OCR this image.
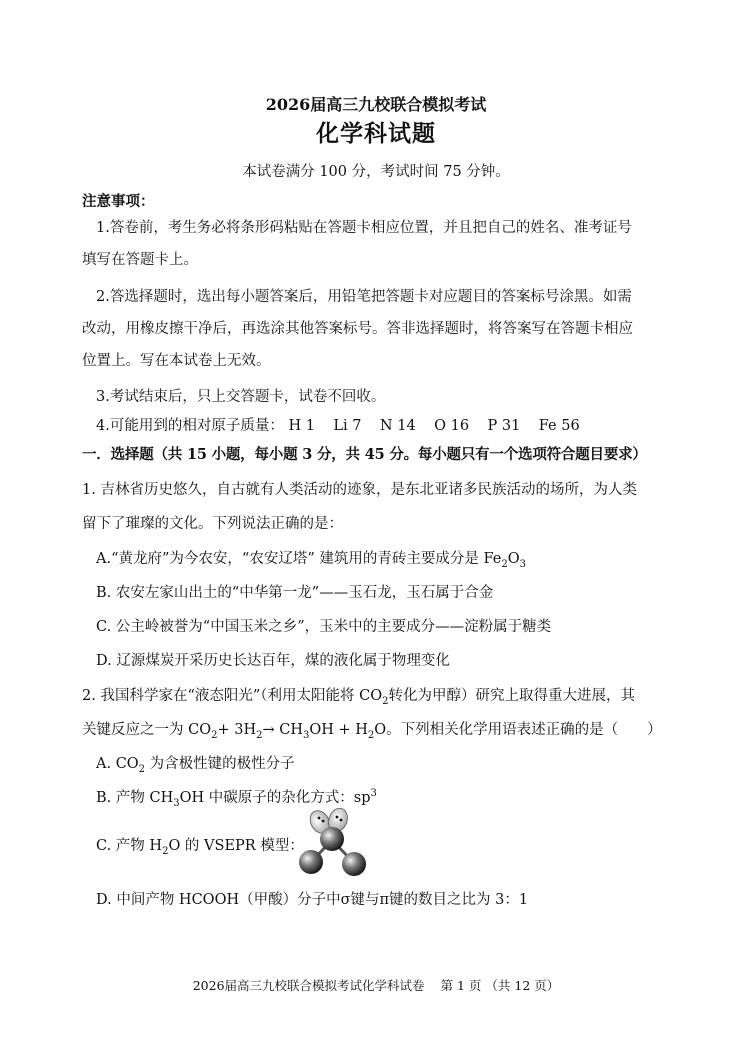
2026届高三九校联合模拟考试
化学科试题
本试卷满分 100 分，考试时间 75 分钟。
注意事项：
1.答卷前，考生务必将条形码粘贴在答题卡相应位置，并且把自己的姓名、准考证号
填写在答题卡上。
2.答选择题时，选出每小题答案后，用铅笔把答题卡对应题目的答案标号涂黑。如需
改动，用橡皮擦干净后，再选涂其他答案标号。答非选择题时，将答案写在答题卡相应
位置上。写在本试卷上无效。
3.考试结束后，只上交答题卡，试卷不回收。
4.可能用到的相对原子质量： H 1 Li 7 N 14 O 16 P 31 Fe 56
一．选择题（共 15 小题，每小题 3 分，共 45 分。每小题只有一个选项符合题目要求）
1. 吉林省历史悠久，自古就有人类活动的迹象，是东北亚诸多民族活动的场所，为人类
留下了璀璨的文化。下列说法正确的是：
A.“黄龙府”为今农安，“农安辽塔” 建筑用的青砖主要成分是 $Fe_2O_3$
B. 农安左家山出土的“中华第一龙”——玉石龙，玉石属于合金
C. 公主岭被誉为“中国玉米之乡”，玉米中的主要成分——淀粉属于糖类
D. 辽源煤炭开采历史长达百年，煤的液化属于物理变化
2. 我国科学家在“液态阳光”（利用太阳能将 $CO_2$转化为甲醇）研究上取得重大进展，其
关键反应之一为 $CO_2+ 3H_2\to CH_3OH + H_2O$。下列相关化学用语表述正确的是（　　）
A. $CO_2$ 为含极性键的极性分子
B. 产物 $CH_3OH$ 中碳原子的杂化方式：$sp^3$
C. 产物 $H_2O$ 的 VSEPR 模型：
D. 中间产物 HCOOH（甲酸）分子中σ键与π键的数目之比为 3：1
2026届高三九校联合模拟考试化学科试卷 第 1 页 （共 12 页）
